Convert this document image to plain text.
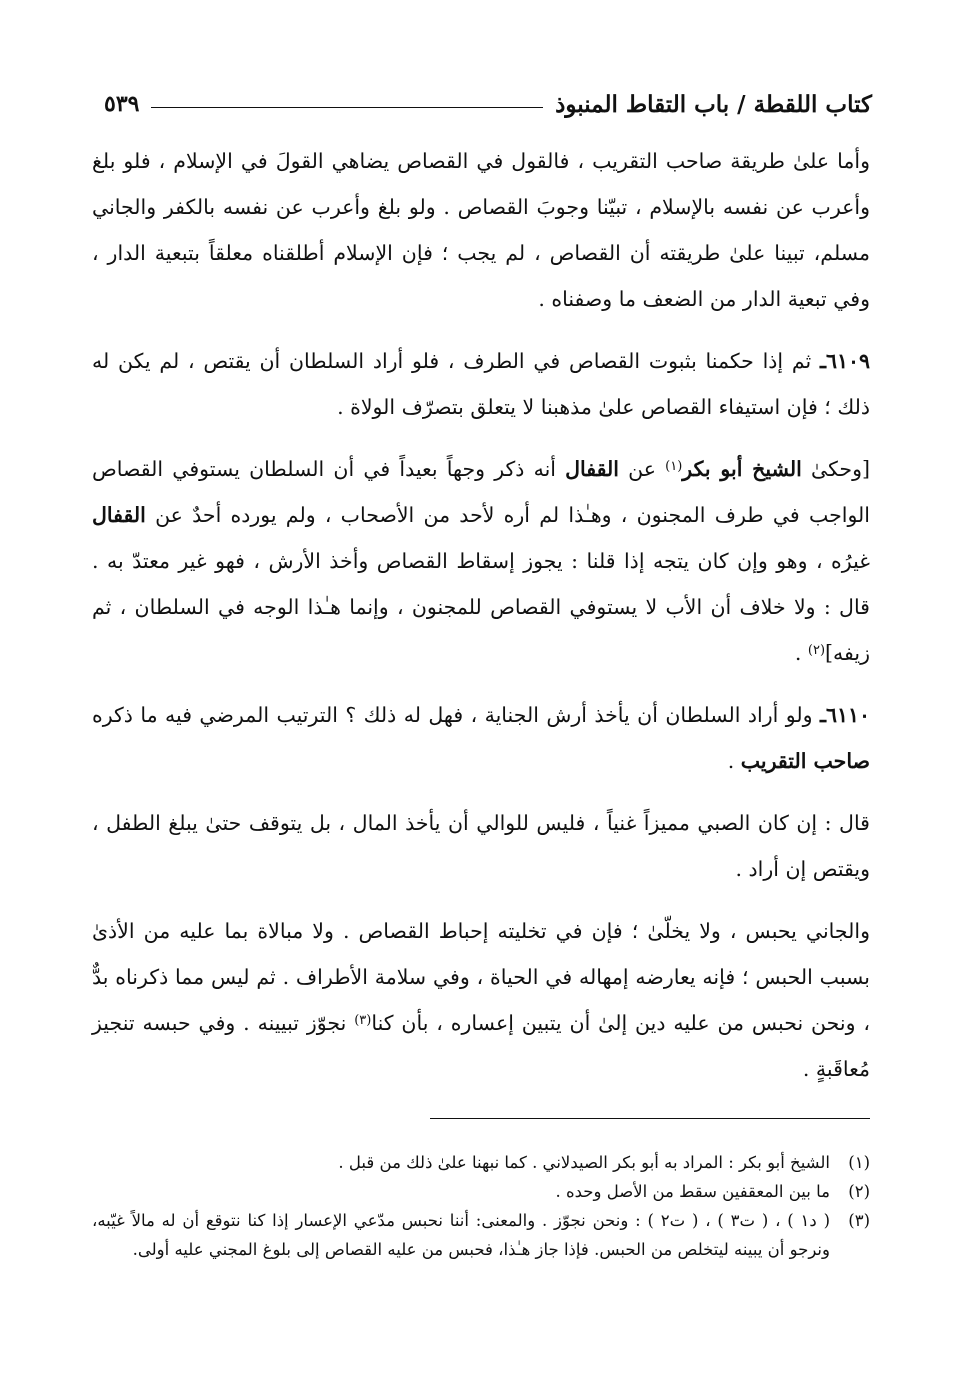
كتاب اللقطة / باب التقاط المنبوذ
٥٣٩

وأما علىٰ طريقة صاحب التقريب ، فالقول في القصاص يضاهي القولَ في الإسلام ، فلو بلغ وأعرب عن نفسه بالإسلام ، تبيّنا وجوبَ القصاص . ولو بلغ وأعرب عن نفسه بالكفر والجاني مسلم، تبينا علىٰ طريقته أن القصاص ، لم يجب ؛ فإن الإسلام أطلقناه معلقاً بتبعية الدار ، وفي تبعية الدار من الضعف ما وصفناه .

٦١٠٩ـ ثم إذا حكمنا بثبوت القصاص في الطرف ، فلو أراد السلطان أن يقتص ، لم يكن له ذلك ؛ فإن استيفاء القصاص علىٰ مذهبنا لا يتعلق بتصرّف الولاة .

[وحكىٰ الشيخ أبو بكر$^{(١)}$ عن القفال أنه ذكر وجهاً بعيداً في أن السلطان يستوفي القصاص الواجب في طرف المجنون ، وهـٰذا لم أره لأحد من الأصحاب ، ولم يورده أحدٌ عن القفال غيرُه ، وهو وإن كان يتجه إذا قلنا : يجوز إسقاط القصاص وأخذ الأرش ، فهو غير معتدّ به . قال : ولا خلاف أن الأب لا يستوفي القصاص للمجنون ، وإنما هـٰذا الوجه في السلطان ، ثم زيفه]$^{(٢)}$ .

٦١١٠ـ ولو أراد السلطان أن يأخذ أرش الجناية ، فهل له ذلك ؟ الترتيب المرضي فيه ما ذكره صاحب التقريب .

قال : إن كان الصبي مميزاً غنياً ، فليس للوالي أن يأخذ المال ، بل يتوقف حتىٰ يبلغ الطفل ، ويقتص إن أراد .

والجاني يحبس ، ولا يخلّىٰ ؛ فإن في تخليته إحباط القصاص . ولا مبالاة بما عليه من الأذىٰ بسبب الحبس ؛ فإنه يعارضه إمهاله في الحياة ، وفي سلامة الأطراف . ثم ليس مما ذكرناه بدٌّ ، ونحن نحبس من عليه دين إلىٰ أن يتبين إعساره ، بأن كنا$^{(٣)}$ نجوّز تبيينه . وفي حبسه تنجيز مُعاقَبةٍ .

(١)
الشيخ أبو بكر : المراد به أبو بكر الصيدلاني . كما نبهنا علىٰ ذلك من قبل .
(٢)
ما بين المعقفين سقط من الأصل وحده .
(٣)
( د١ ) ، ( ت٣ ) ، ( ت٢ ) : ونحن نجوّز . والمعنى: أننا نحبس مدّعي الإعسار إذا كنا نتوقع أن له مالاً غيّبه، ونرجو أن يبينه ليتخلص من الحبس. فإذا جاز هـٰذا، فحبس من عليه القصاص إلى بلوغ المجني عليه أولى.
